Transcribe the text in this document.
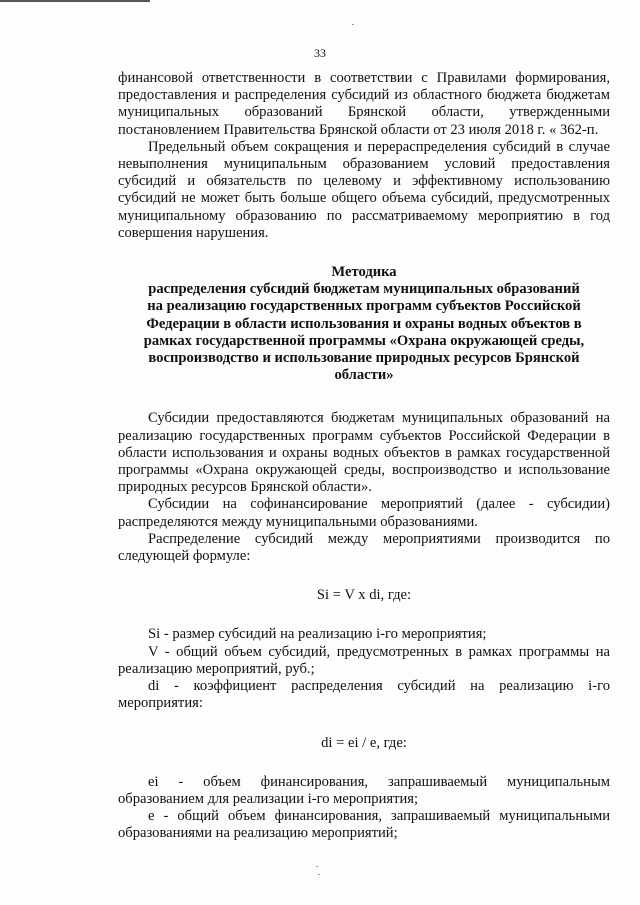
33

финансовой ответственности в соответствии с Правилами формирования, предоставления и распределения субсидий из областного бюджета бюджетам муниципальных образований Брянской области, утвержденными постановлением Правительства Брянской области от 23 июля 2018 г. « 362-п.

Предельный объем сокращения и перераспределения субсидий в случае невыполнения муниципальным образованием условий предоставления субсидий и обязательств по целевому и эффективному использованию субсидий не может быть больше общего объема субсидий, предусмотренных муниципальному образованию по рассматриваемому мероприятию в год совершения нарушения.

Методика
распределения субсидий бюджетам муниципальных образований
на реализацию государственных программ субъектов Российской
Федерации в области использования и охраны водных объектов в
рамках государственной программы «Охрана окружающей среды,
воспроизводство и использование природных ресурсов Брянской
области»

Субсидии предоставляются бюджетам муниципальных образований на реализацию государственных программ субъектов Российской Федерации в области использования и охраны водных объектов в рамках государственной программы «Охрана окружающей среды, воспроизводство и использование природных ресурсов Брянской области».

Субсидии на софинансирование мероприятий (далее - субсидии) распределяются между муниципальными образованиями.

Распределение субсидий между мероприятиями производится по следующей формуле:

Si = V x di, где:

Si - размер субсидий на реализацию i-го мероприятия;

V - общий объем субсидий, предусмотренных в рамках программы на реализацию мероприятий, руб.;

di - коэффициент распределения субсидий на реализацию i-го мероприятия:

di = ei / e, где:

ei - объем финансирования, запрашиваемый муниципальным образованием для реализации i-го мероприятия;

e - общий объем финансирования, запрашиваемый муниципальными образованиями на реализацию мероприятий;
